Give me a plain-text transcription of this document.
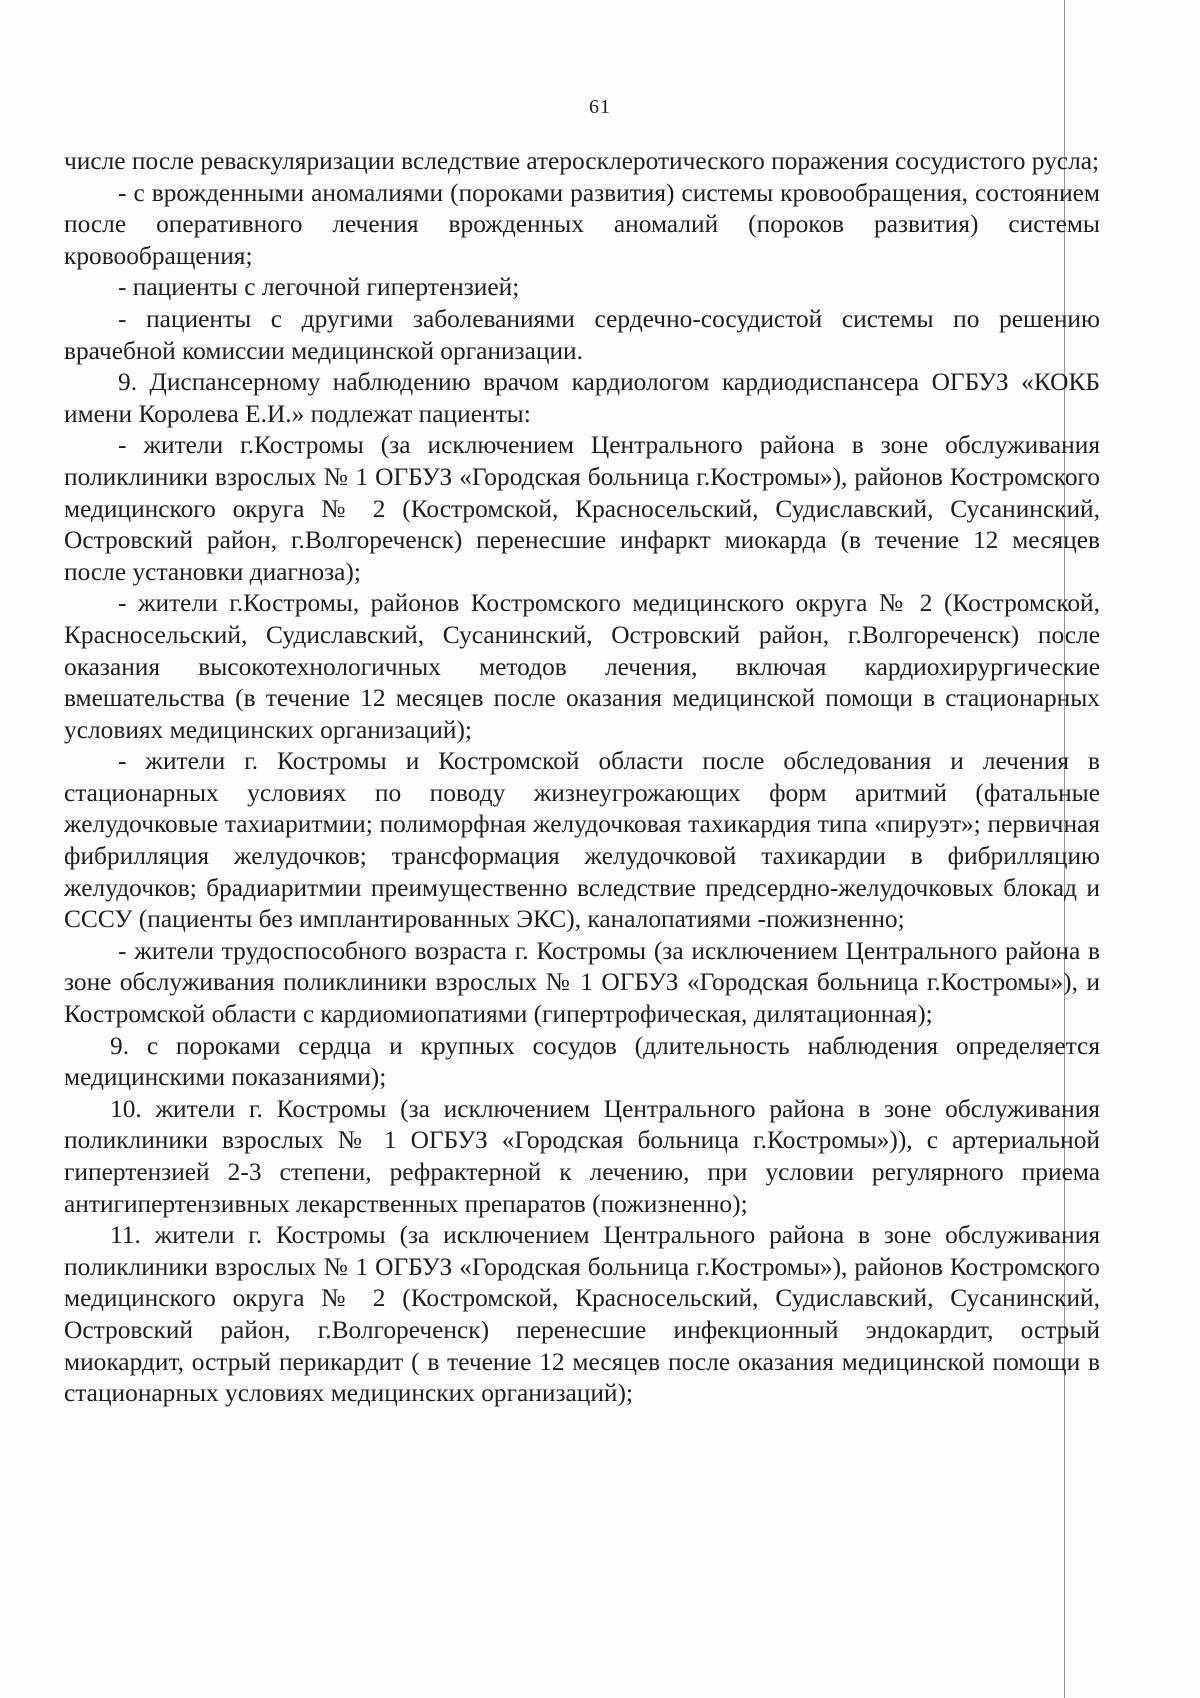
61

числе после реваскуляризации вследствие атеросклеротического поражения сосудистого русла;

- с врожденными аномалиями (пороками развития) системы кровообращения, состоянием после оперативного лечения врожденных аномалий (пороков развития) системы кровообращения;

- пациенты с легочной гипертензией;

- пациенты с другими заболеваниями сердечно-сосудистой системы по решению врачебной комиссии медицинской организации.

9. Диспансерному наблюдению врачом кардиологом кардиодиспансера ОГБУЗ «КОКБ имени Королева Е.И.» подлежат пациенты:

- жители г.Костромы (за исключением Центрального района в зоне обслуживания поликлиники взрослых № 1 ОГБУЗ «Городская больница г.Костромы»), районов Костромского медицинского округа № 2 (Костромской, Красносельский, Судиславский, Сусанинский, Островский район, г.Волгореченск) перенесшие инфаркт миокарда (в течение 12 месяцев после установки диагноза);

- жители г.Костромы, районов Костромского медицинского округа № 2 (Костромской, Красносельский, Судиславский, Сусанинский, Островский район, г.Волгореченск) после оказания высокотехнологичных методов лечения, включая кардиохирургические вмешательства (в течение 12 месяцев после оказания медицинской помощи в стационарных условиях медицинских организаций);

- жители г. Костромы и Костромской области после обследования и лечения в стационарных условиях по поводу жизнеугрожающих форм аритмий (фатальные желудочковые тахиаритмии; полиморфная желудочковая тахикардия типа «пируэт»; первичная фибрилляция желудочков; трансформация желудочковой тахикардии в фибрилляцию желудочков; брадиаритмии преимущественно вследствие предсердно-желудочковых блокад и СССУ (пациенты без имплантированных ЭКС), каналопатиями -пожизненно;

- жители трудоспособного возраста г. Костромы (за исключением Центрального района в зоне обслуживания поликлиники взрослых № 1 ОГБУЗ «Городская больница г.Костромы»), и Костромской области с кардиомиопатиями (гипертрофическая, дилятационная);

9. с пороками сердца и крупных сосудов (длительность наблюдения определяется медицинскими показаниями);

10. жители г. Костромы (за исключением Центрального района в зоне обслуживания поликлиники взрослых № 1 ОГБУЗ «Городская больница г.Костромы»)), с артериальной гипертензией 2-3 степени, рефрактерной к лечению, при условии регулярного приема антигипертензивных лекарственных препаратов (пожизненно);

11. жители г. Костромы (за исключением Центрального района в зоне обслуживания поликлиники взрослых № 1 ОГБУЗ «Городская больница г.Костромы»), районов Костромского медицинского округа № 2 (Костромской, Красносельский, Судиславский, Сусанинский, Островский район, г.Волгореченск) перенесшие инфекционный эндокардит, острый миокардит, острый перикардит ( в течение 12 месяцев после оказания медицинской помощи в стационарных условиях медицинских организаций);
